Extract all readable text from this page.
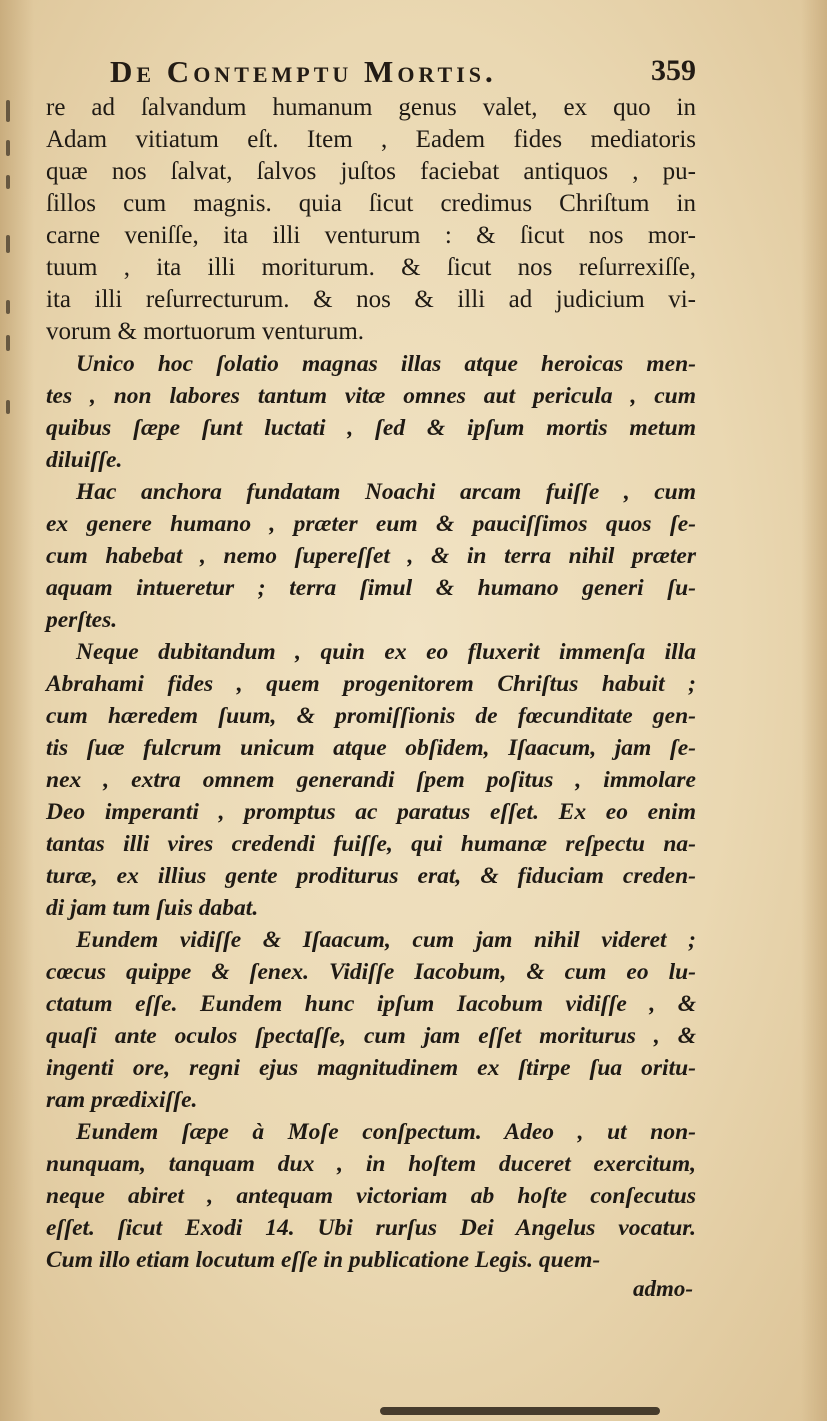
De Contemptu Mortis.	359
re ad ſalvandum humanum genus valet, ex quo in
Adam vitiatum eſt. Item , Eadem fides mediatoris
quæ nos ſalvat, ſalvos juſtos faciebat antiquos , pu-
ſillos cum magnis. quia ſicut credimus Chriſtum in
carne veniſſe, ita illi venturum : & ſicut nos mor-
tuum , ita illi moriturum. & ſicut nos reſurrexiſſe,
ita illi reſurrecturum. & nos & illi ad judicium vi-
vorum & mortuorum venturum.
Unico hoc ſolatio magnas illas atque heroicas men-
tes , non labores tantum vitæ omnes aut pericula , cum
quibus ſæpe ſunt luctati , ſed & ipſum mortis metum
diluiſſe.
Hac anchora fundatam Noachi arcam fuiſſe , cum
ex genere humano , præter eum & pauciſſimos quos ſe-
cum habebat , nemo ſupereſſet , & in terra nihil præter
aquam intueretur ; terra ſimul & humano generi ſu-
perſtes.
Neque dubitandum , quin ex eo fluxerit immenſa illa
Abrahami fides , quem progenitorem Chriſtus habuit ;
cum hæredem ſuum, & promiſſionis de fœcunditate gen-
tis ſuæ fulcrum unicum atque obſidem, Iſaacum, jam ſe-
nex , extra omnem generandi ſpem poſitus , immolare
Deo imperanti , promptus ac paratus eſſet. Ex eo enim
tantas illi vires credendi fuiſſe, qui humanæ reſpectu na-
turæ, ex illius gente proditurus erat, & fiduciam creden-
di jam tum ſuis dabat.
Eundem vidiſſe & Iſaacum, cum jam nihil videret ;
cœcus quippe & ſenex. Vidiſſe Iacobum, & cum eo lu-
ctatum eſſe. Eundem hunc ipſum Iacobum vidiſſe , &
quaſi ante oculos ſpectaſſe, cum jam eſſet moriturus , &
ingenti ore, regni ejus magnitudinem ex ſtirpe ſua oritu-
ram prædixiſſe.
Eundem ſæpe à Moſe conſpectum. Adeo , ut non-
nunquam, tanquam dux , in hoſtem duceret exercitum,
neque abiret , antequam victoriam ab hoſte conſecutus
eſſet. ſicut Exodi 14. Ubi rurſus Dei Angelus vocatur.
Cum illo etiam locutum eſſe in publicatione Legis. quem-
admo-
